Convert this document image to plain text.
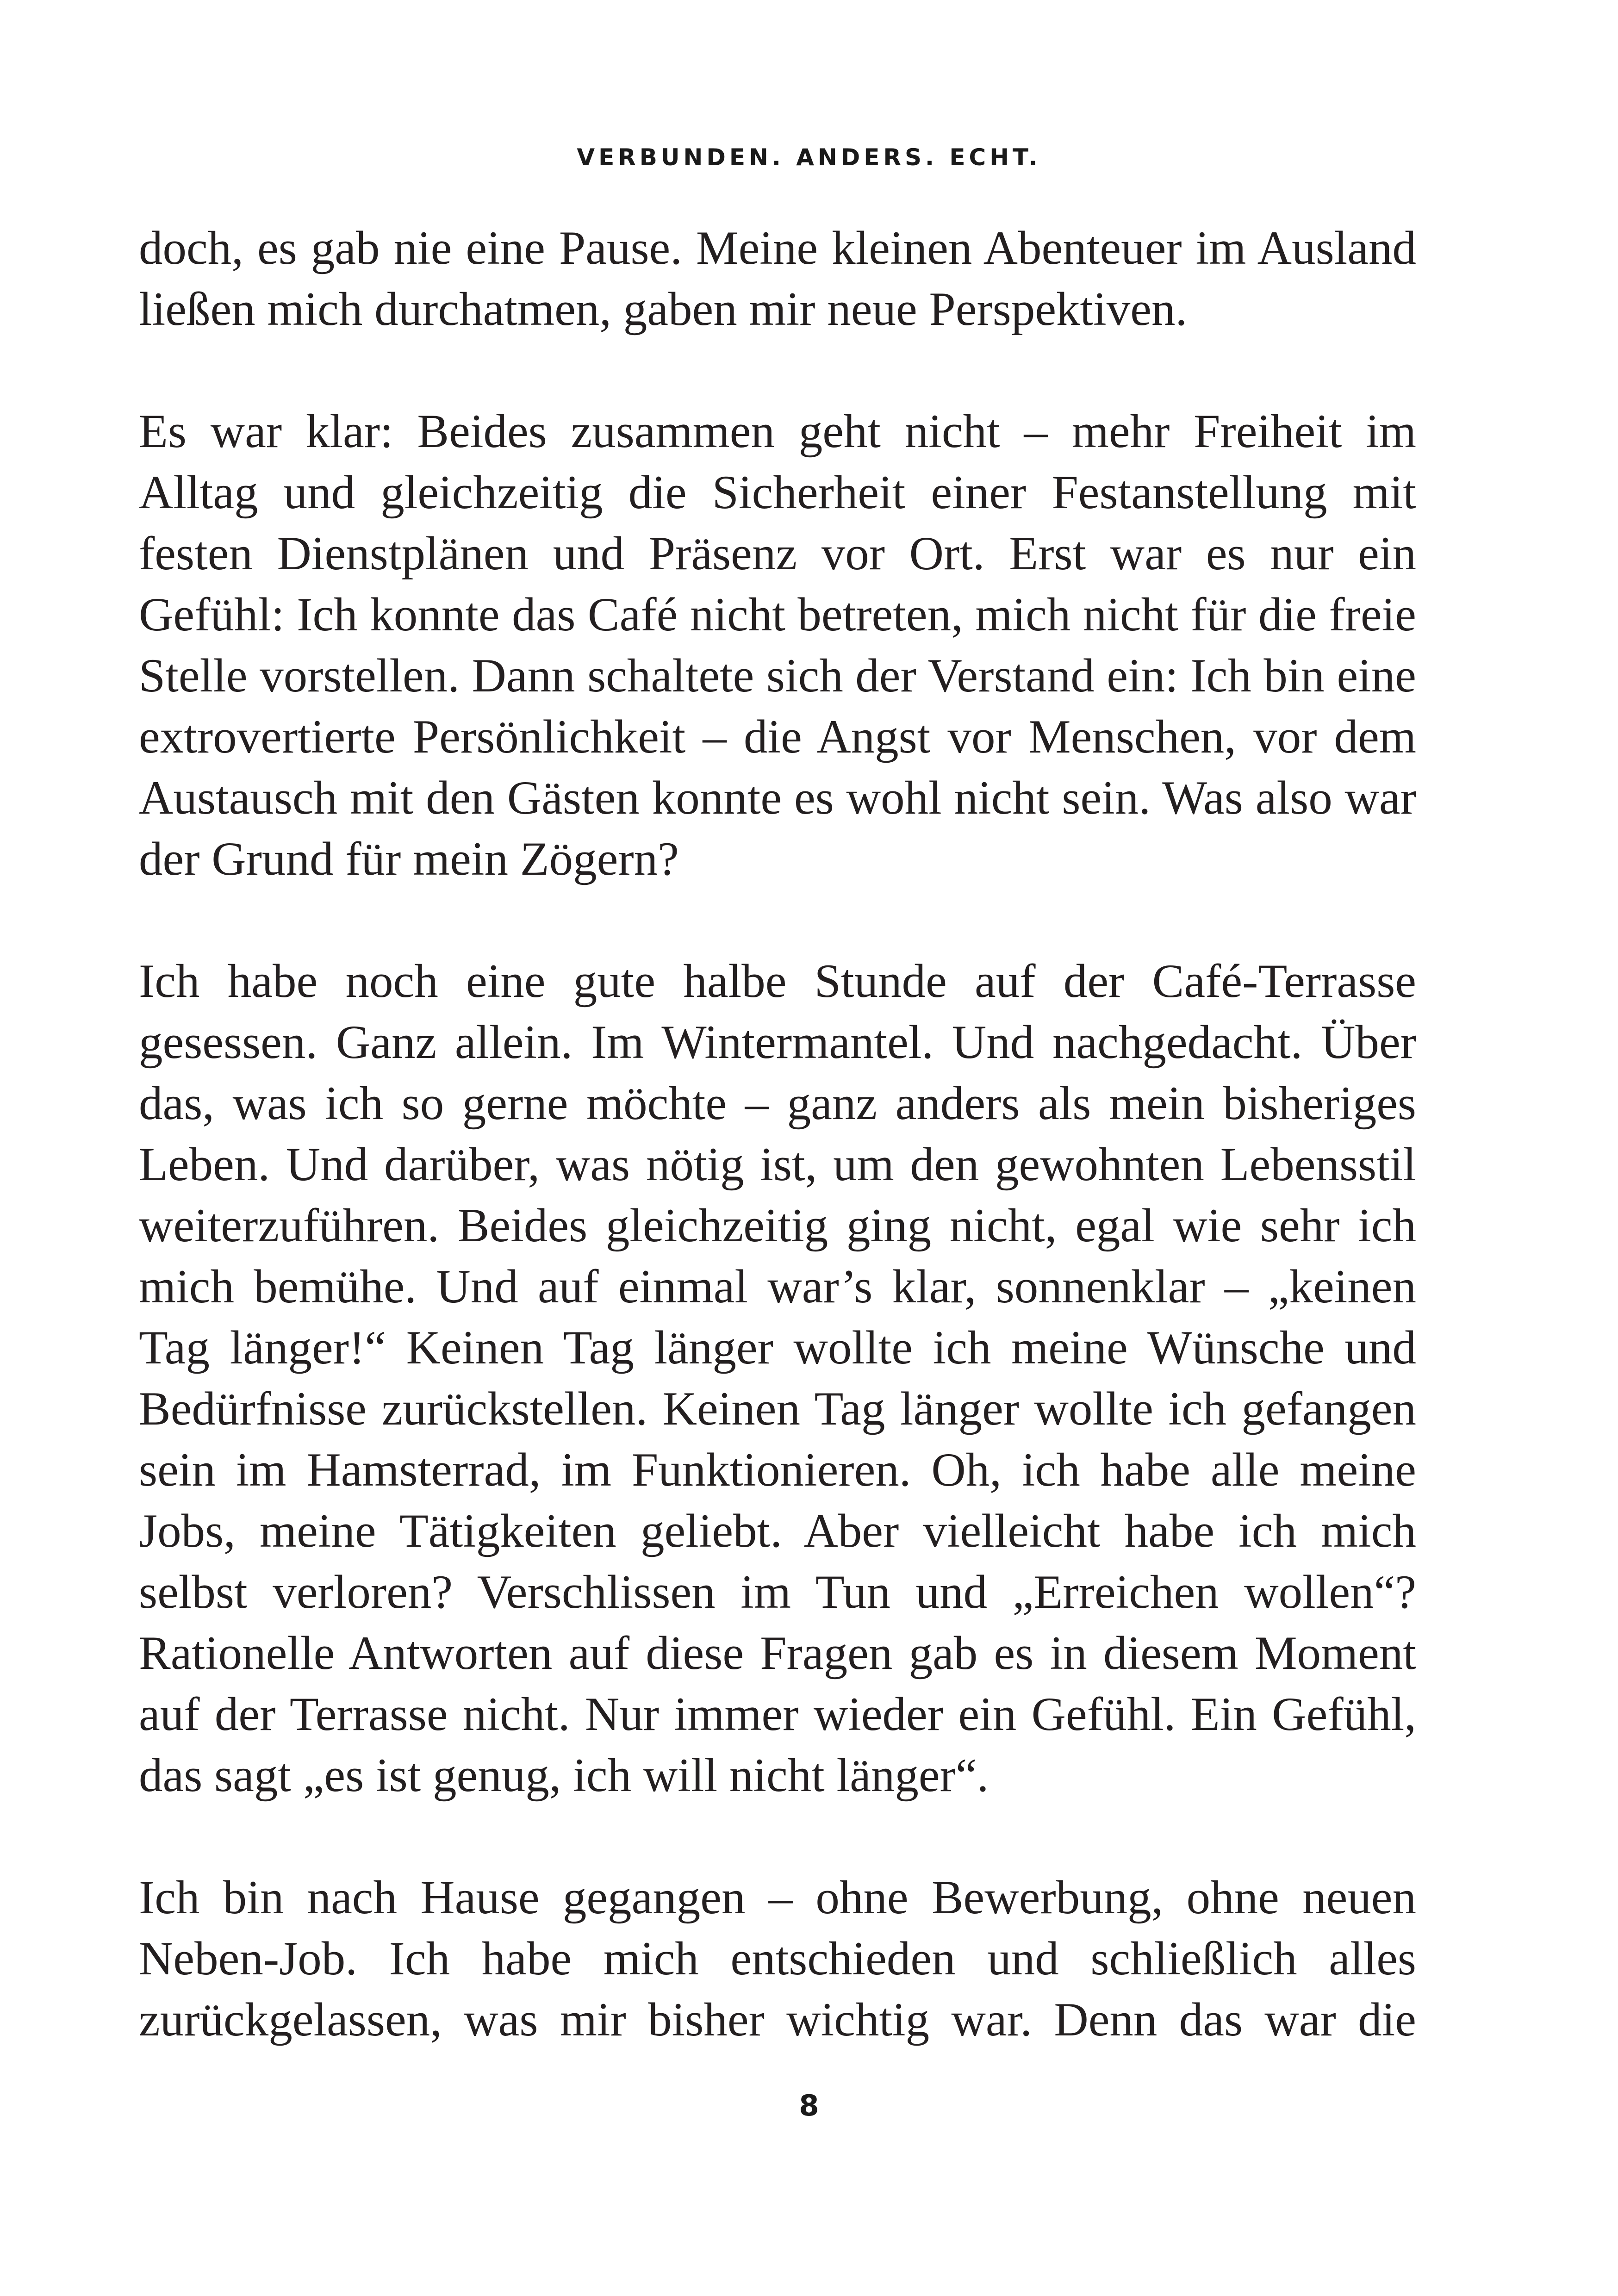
VERBUNDEN. ANDERS. ECHT.

doch, es gab nie eine Pause. Meine kleinen Abenteuer im Ausland ließen mich durchatmen, gaben mir neue Perspektiven.

Es war klar: Beides zusammen geht nicht – mehr Freiheit im Alltag und gleichzeitig die Sicherheit einer Festanstellung mit festen Dienstplänen und Präsenz vor Ort. Erst war es nur ein Gefühl: Ich konnte das Café nicht betreten, mich nicht für die freie Stelle vorstellen. Dann schaltete sich der Verstand ein: Ich bin eine extrovertierte Persönlichkeit – die Angst vor Menschen, vor dem Austausch mit den Gästen konnte es wohl nicht sein. Was also war der Grund für mein Zögern?

Ich habe noch eine gute halbe Stunde auf der Café-Terrasse gesessen. Ganz allein. Im Wintermantel. Und nachgedacht. Über das, was ich so gerne möchte – ganz anders als mein bisheriges Leben. Und darüber, was nötig ist, um den gewohnten Lebensstil weiterzuführen. Beides gleichzeitig ging nicht, egal wie sehr ich mich bemühe. Und auf einmal war’s klar, sonnenklar – „keinen Tag länger!“ Keinen Tag länger wollte ich meine Wünsche und Bedürfnisse zurückstellen. Keinen Tag länger wollte ich gefangen sein im Hamsterrad, im Funktionieren. Oh, ich habe alle meine Jobs, meine Tätigkeiten geliebt. Aber vielleicht habe ich mich selbst verloren? Verschlissen im Tun und „Erreichen wollen“? Rationelle Antworten auf diese Fragen gab es in diesem Moment auf der Terrasse nicht. Nur immer wieder ein Gefühl. Ein Gefühl, das sagt „es ist genug, ich will nicht länger“.

Ich bin nach Hause gegangen – ohne Bewerbung, ohne neuen Neben-Job. Ich habe mich entschieden und schließlich alles zurückgelassen, was mir bisher wichtig war. Denn das war die

8
